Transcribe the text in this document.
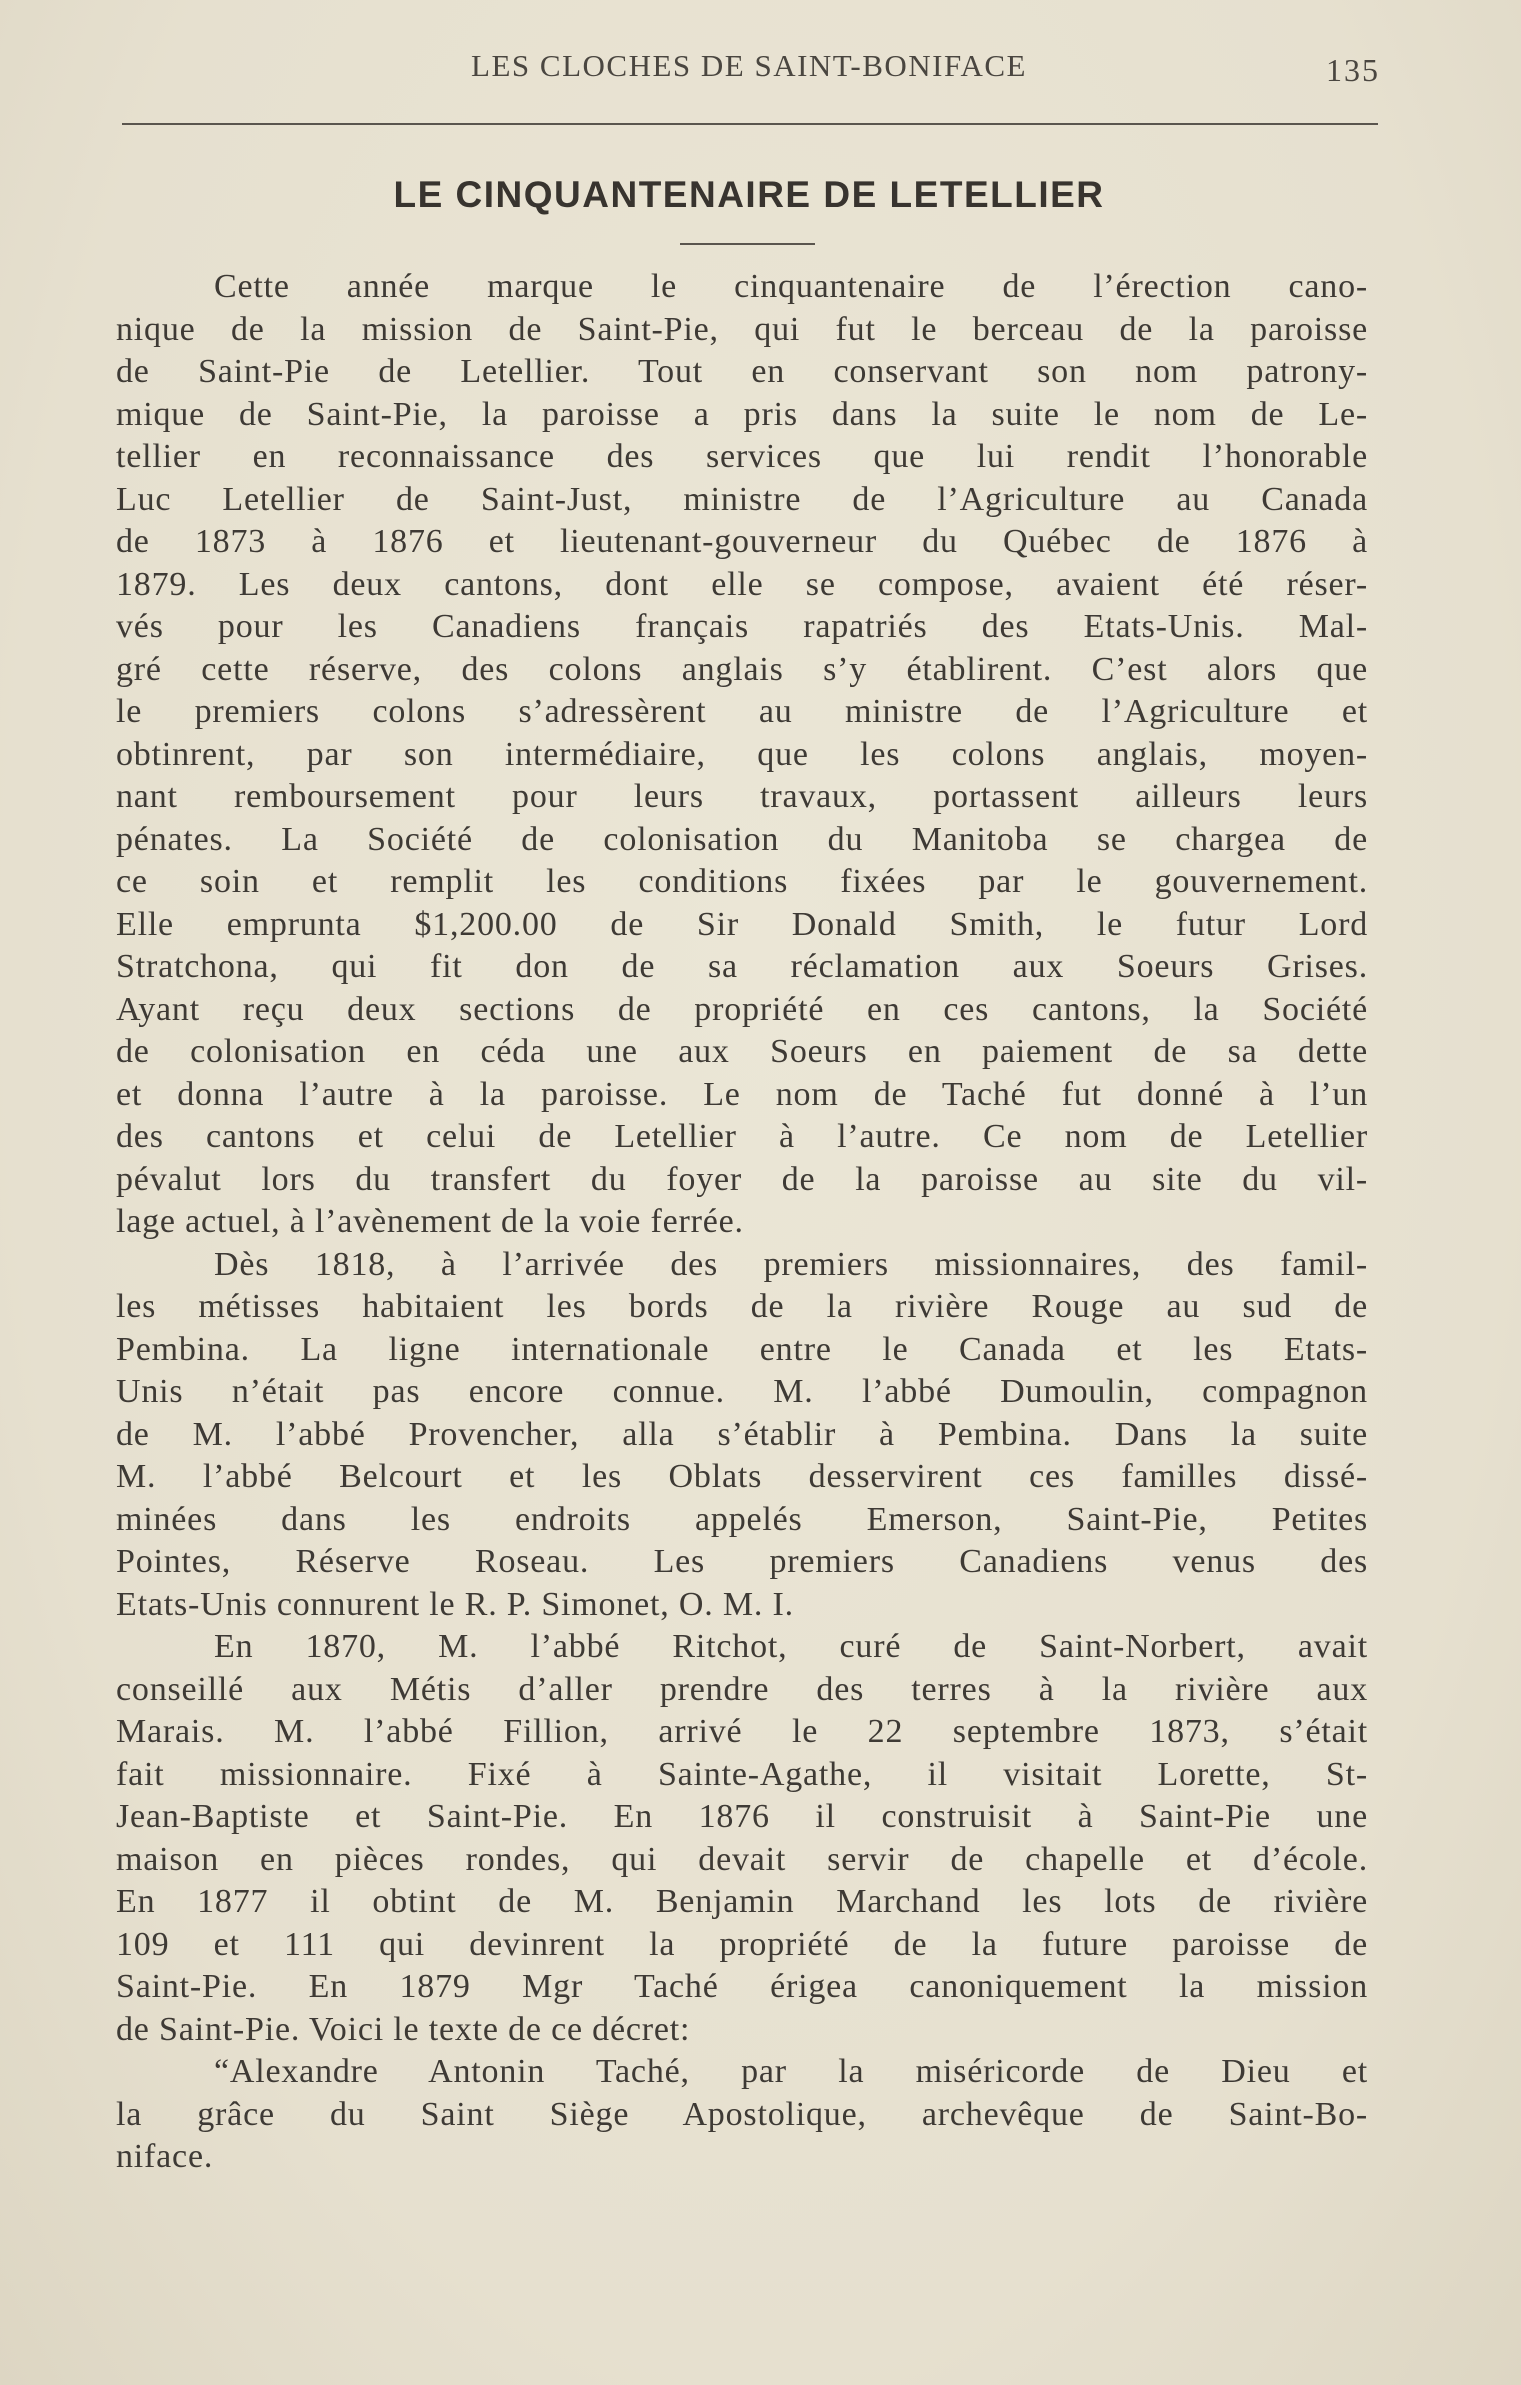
LES CLOCHES DE SAINT-BONIFACE	135
LE CINQUANTENAIRE DE LETELLIER
Cette année marque le cinquantenaire de l’érection cano-
nique de la mission de Saint-Pie, qui fut le berceau de la paroisse
de Saint-Pie de Letellier. Tout en conservant son nom patrony-
mique de Saint-Pie, la paroisse a pris dans la suite le nom de Le-
tellier en reconnaissance des services que lui rendit l’honorable
Luc Letellier de Saint-Just, ministre de l’Agriculture au Canada
de 1873 à 1876 et lieutenant-gouverneur du Québec de 1876 à
1879. Les deux cantons, dont elle se compose, avaient été réser-
vés pour les Canadiens français rapatriés des Etats-Unis. Mal-
gré cette réserve, des colons anglais s’y établirent. C’est alors que
le premiers colons s’adressèrent au ministre de l’Agriculture et
obtinrent, par son intermédiaire, que les colons anglais, moyen-
nant remboursement pour leurs travaux, portassent ailleurs leurs
pénates. La Société de colonisation du Manitoba se chargea de
ce soin et remplit les conditions fixées par le gouvernement.
Elle emprunta $1,200.00 de Sir Donald Smith, le futur Lord
Stratchona, qui fit don de sa réclamation aux Soeurs Grises.
Ayant reçu deux sections de propriété en ces cantons, la Société
de colonisation en céda une aux Soeurs en paiement de sa dette
et donna l’autre à la paroisse. Le nom de Taché fut donné à l’un
des cantons et celui de Letellier à l’autre. Ce nom de Letellier
pévalut lors du transfert du foyer de la paroisse au site du vil-
lage actuel, à l’avènement de la voie ferrée.
Dès 1818, à l’arrivée des premiers missionnaires, des famil-
les métisses habitaient les bords de la rivière Rouge au sud de
Pembina. La ligne internationale entre le Canada et les Etats-
Unis n’était pas encore connue. M. l’abbé Dumoulin, compagnon
de M. l’abbé Provencher, alla s’établir à Pembina. Dans la suite
M. l’abbé Belcourt et les Oblats desservirent ces familles dissé-
minées dans les endroits appelés Emerson, Saint-Pie, Petites
Pointes, Réserve Roseau. Les premiers Canadiens venus des
Etats-Unis connurent le R. P. Simonet, O. M. I.
En 1870, M. l’abbé Ritchot, curé de Saint-Norbert, avait
conseillé aux Métis d’aller prendre des terres à la rivière aux
Marais. M. l’abbé Fillion, arrivé le 22 septembre 1873, s’était
fait missionnaire. Fixé à Sainte-Agathe, il visitait Lorette, St-
Jean-Baptiste et Saint-Pie. En 1876 il construisit à Saint-Pie une
maison en pièces rondes, qui devait servir de chapelle et d’école.
En 1877 il obtint de M. Benjamin Marchand les lots de rivière
109 et 111 qui devinrent la propriété de la future paroisse de
Saint-Pie. En 1879 Mgr Taché érigea canoniquement la mission
de Saint-Pie. Voici le texte de ce décret:
“Alexandre Antonin Taché, par la miséricorde de Dieu et
la grâce du Saint Siège Apostolique, archevêque de Saint-Bo-
niface.
